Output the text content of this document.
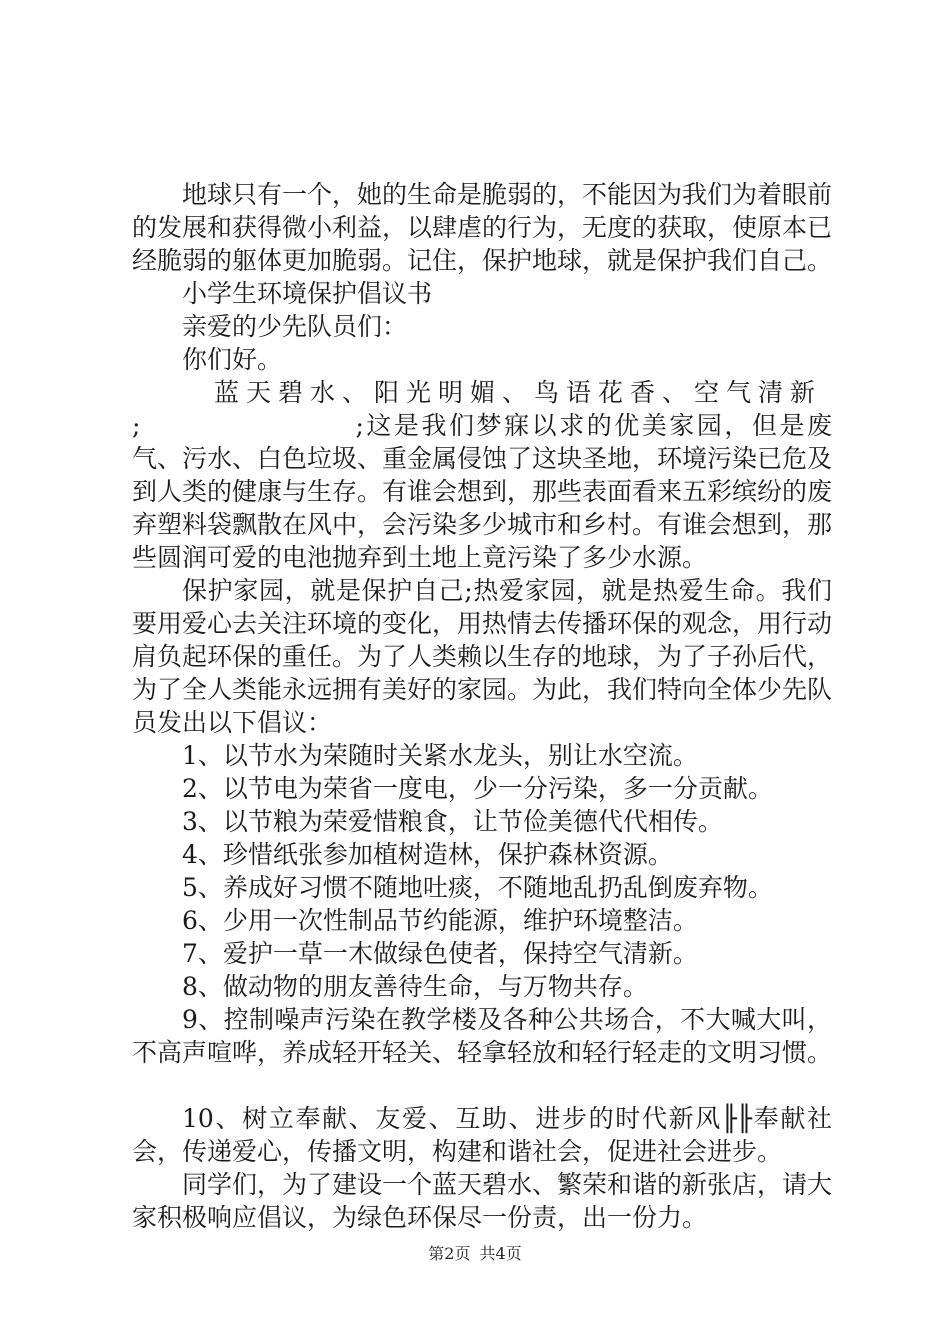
地球只有一个，她的生命是脆弱的，不能因为我们为着眼前的发展和获得微小利益，以肆虐的行为，无度的获取，使原本已经脆弱的躯体更加脆弱。记住，保护地球，就是保护我们自己。

小学生环境保护倡议书

亲爱的少先队员们：

你们好。

蓝天碧水、阳光明媚、鸟语花香、空气清新

;	;这是我们梦寐以求的优美家园，但是废气、污水、白色垃圾、重金属侵蚀了这块圣地，环境污染已危及到人类的健康与生存。有谁会想到，那些表面看来五彩缤纷的废弃塑料袋飘散在风中，会污染多少城市和乡村。有谁会想到，那些圆润可爱的电池抛弃到土地上竟污染了多少水源。

保护家园，就是保护自己;热爱家园，就是热爱生命。我们要用爱心去关注环境的变化，用热情去传播环保的观念，用行动肩负起环保的重任。为了人类赖以生存的地球，为了子孙后代，为了全人类能永远拥有美好的家园。为此，我们特向全体少先队员发出以下倡议：

1、以节水为荣随时关紧水龙头，别让水空流。

2、以节电为荣省一度电，少一分污染，多一分贡献。

3、以节粮为荣爱惜粮食，让节俭美德代代相传。

4、珍惜纸张参加植树造林，保护森林资源。

5、养成好习惯不随地吐痰，不随地乱扔乱倒废弃物。

6、少用一次性制品节约能源，维护环境整洁。

7、爱护一草一木做绿色使者，保持空气清新。

8、做动物的朋友善待生命，与万物共存。

9、控制噪声污染在教学楼及各种公共场合，不大喊大叫，不高声喧哗，养成轻开轻关、轻拿轻放和轻行轻走的文明习惯。

10、树立奉献、友爱、互助、进步的时代新风╟╟奉献社会，传递爱心，传播文明，构建和谐社会，促进社会进步。

同学们，为了建设一个蓝天碧水、繁荣和谐的新张店，请大家积极响应倡议，为绿色环保尽一份责，出一份力。

第2页 共4页
